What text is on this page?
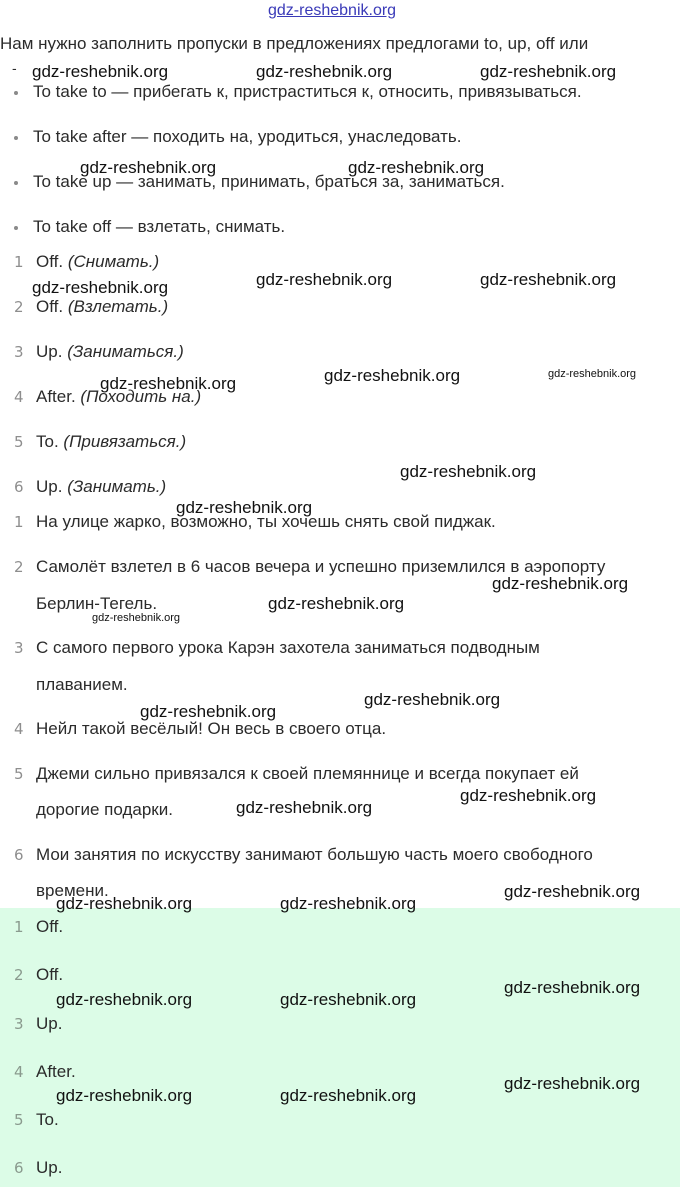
Нам нужно заполнить пропуски в предложениях предлогами to, up, off или
-
To take to — прибегать к, пристраститься к, относить, привязываться.
To take after — походить на, уродиться, унаследовать.
To take up — занимать, принимать, браться за, заниматься.
To take off — взлетать, снимать.
1 Off. (Снимать.)
2 Off. (Взлетать.)
3 Up. (Заниматься.)
4 After. (Походить на.)
5 To. (Привязаться.)
6 Up. (Занимать.)
1 На улице жарко, возможно, ты хочешь снять свой пиджак.
2 Самолёт взлетел в 6 часов вечера и успешно приземлился в аэропорту
Берлин-Тегель.
3 С самого первого урока Карэн захотела заниматься подводным
плаванием.
4 Нейл такой весёлый! Он весь в своего отца.
5 Джеми сильно привязался к своей племяннице и всегда покупает ей
дорогие подарки.
6 Мои занятия по искусству занимают большую часть моего свободного
времени.
1 Off.
2 Off.
3 Up.
4 After.
5 To.
6 Up.
gdz-reshebnik.org
gdz-reshebnik.org	gdz-reshebnik.org	gdz-reshebnik.org
gdz-reshebnik.org	gdz-reshebnik.org
gdz-reshebnik.org	gdz-reshebnik.org
gdz-reshebnik.org
gdz-reshebnik.org	gdz-reshebnik.org	gdz-reshebnik.org
gdz-reshebnik.org
gdz-reshebnik.org
gdz-reshebnik.org
gdz-reshebnik.org
gdz-reshebnik.org
gdz-reshebnik.org
gdz-reshebnik.org
gdz-reshebnik.org
gdz-reshebnik.org
gdz-reshebnik.org
gdz-reshebnik.org	gdz-reshebnik.org
gdz-reshebnik.org
gdz-reshebnik.org	gdz-reshebnik.org
gdz-reshebnik.org
gdz-reshebnik.org	gdz-reshebnik.org
